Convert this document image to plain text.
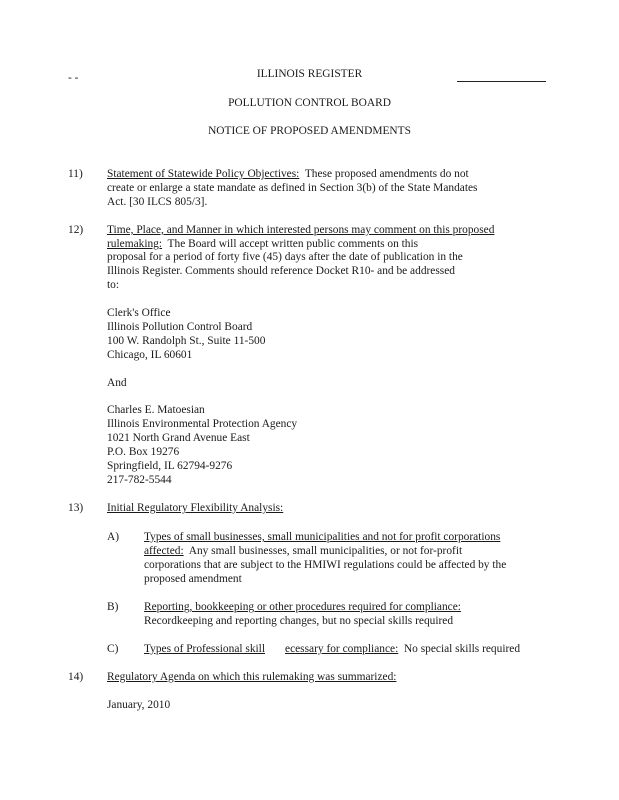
- -	ILLINOIS REGISTER
POLLUTION CONTROL BOARD
NOTICE OF PROPOSED AMENDMENTS
11) Statement of Statewide Policy Objectives: These proposed amendments do not
create or enlarge a state mandate as defined in Section 3(b) of the State Mandates
Act. [30 ILCS 805/3].
12) Time, Place, and Manner in which interested persons may comment on this proposed
rulemaking: The Board will accept written public comments on this
proposal for a period of forty five (45) days after the date of publication in the
Illinois Register. Comments should reference Docket R10- and be addressed
to:
Clerk's Office
Illinois Pollution Control Board
100 W. Randolph St., Suite 11-500
Chicago, IL 60601
And
Charles E. Matoesian
Illinois Environmental Protection Agency
1021 North Grand Avenue East
P.O. Box 19276
Springfield, IL 62794-9276
217-782-5544
13) Initial Regulatory Flexibility Analysis:
A) Types of small businesses, small municipalities and not for profit corporations
affected: Any small businesses, small municipalities, or not for-profit
corporations that are subject to the HMIWI regulations could be affected by the
proposed amendment
B) Reporting, bookkeeping or other procedures required for compliance:
Recordkeeping and reporting changes, but no special skills required
C) Types of Professional skill ecessary for compliance: No special skills required
14) Regulatory Agenda on which this rulemaking was summarized:
January, 2010
